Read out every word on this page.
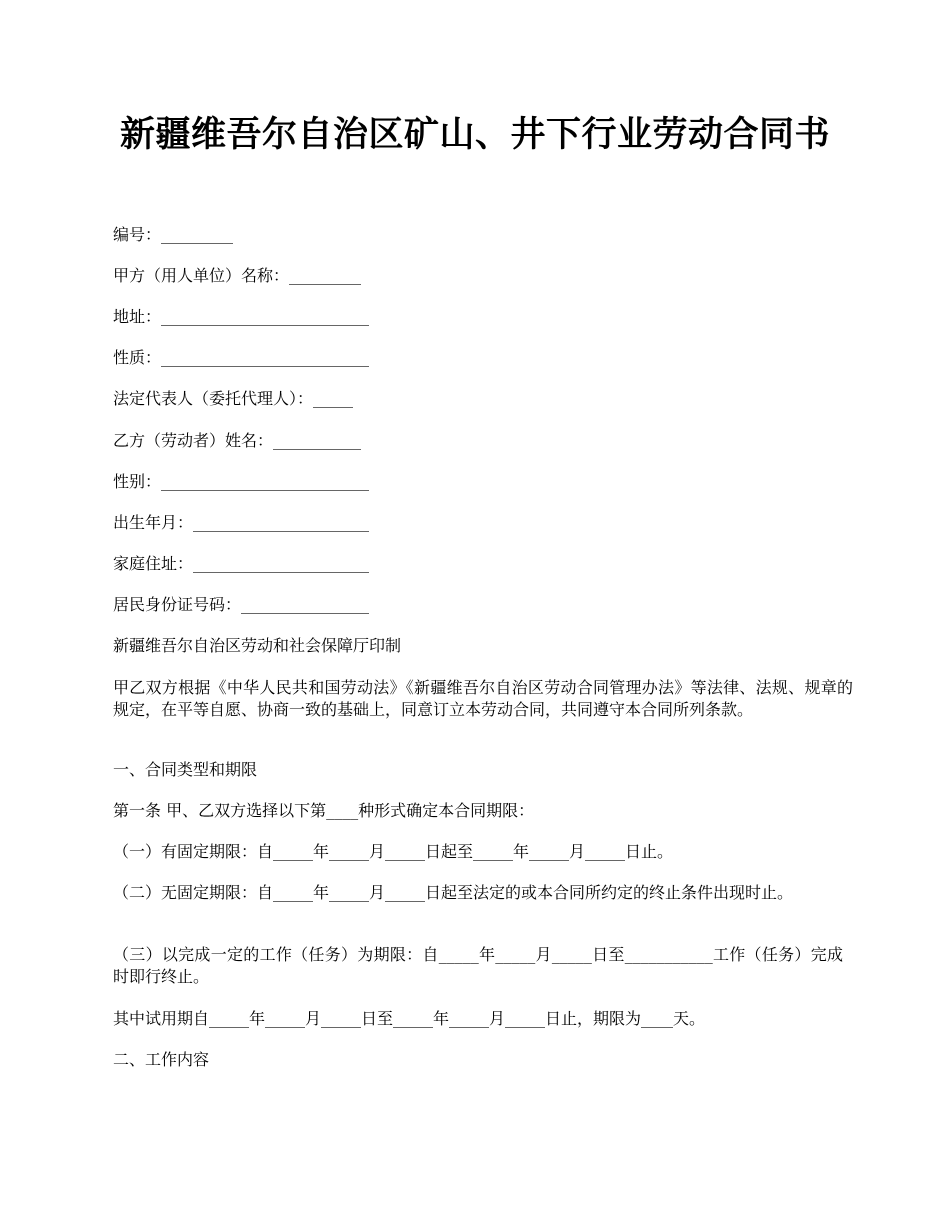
新疆维吾尔自治区矿山、井下行业劳动合同书
编号：_________
甲方（用人单位）名称：_________
地址：__________________________
性质：__________________________
法定代表人（委托代理人）：_____
乙方（劳动者）姓名：___________
性别：__________________________
出生年月：______________________
家庭住址：______________________
居民身份证号码：________________
新疆维吾尔自治区劳动和社会保障厅印制
甲乙双方根据《中华人民共和国劳动法》《新疆维吾尔自治区劳动合同管理办法》等法律、法规、规章的规定，在平等自愿、协商一致的基础上，同意订立本劳动合同，共同遵守本合同所列条款。
一、合同类型和期限
第一条 甲、乙双方选择以下第____种形式确定本合同期限：
（一）有固定期限：自_____年_____月_____日起至_____年_____月_____日止。
（二）无固定期限：自_____年_____月_____日起至法定的或本合同所约定的终止条件出现时止。
（三）以完成一定的工作（任务）为期限：自_____年_____月_____日至___________工作（任务）完成时即行终止。
其中试用期自_____年_____月_____日至_____年_____月_____日止，期限为____天。
二、工作内容
